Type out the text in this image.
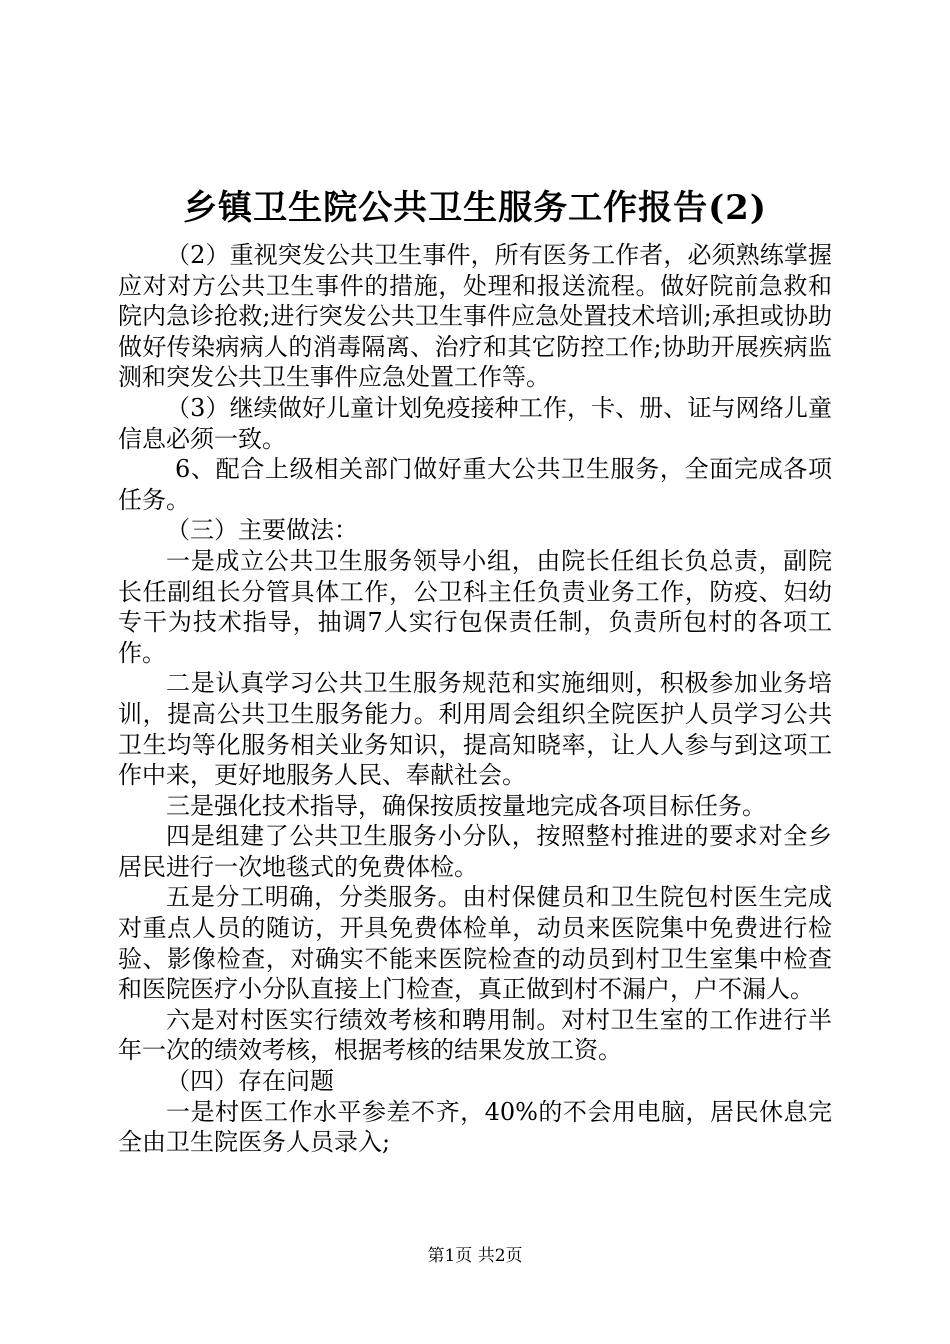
乡镇卫生院公共卫生服务工作报告(2)

（2）重视突发公共卫生事件，所有医务工作者，必须熟练掌握应对对方公共卫生事件的措施，处理和报送流程。做好院前急救和院内急诊抢救;进行突发公共卫生事件应急处置技术培训;承担或协助做好传染病病人的消毒隔离、治疗和其它防控工作;协助开展疾病监测和突发公共卫生事件应急处置工作等。

（3）继续做好儿童计划免疫接种工作，卡、册、证与网络儿童信息必须一致。

6、配合上级相关部门做好重大公共卫生服务，全面完成各项任务。

（三）主要做法：

一是成立公共卫生服务领导小组，由院长任组长负总责，副院长任副组长分管具体工作，公卫科主任负责业务工作，防疫、妇幼专干为技术指导，抽调7人实行包保责任制，负责所包村的各项工作。

二是认真学习公共卫生服务规范和实施细则，积极参加业务培训，提高公共卫生服务能力。利用周会组织全院医护人员学习公共卫生均等化服务相关业务知识，提高知晓率，让人人参与到这项工作中来，更好地服务人民、奉献社会。

三是强化技术指导，确保按质按量地完成各项目标任务。

四是组建了公共卫生服务小分队，按照整村推进的要求对全乡居民进行一次地毯式的免费体检。

五是分工明确，分类服务。由村保健员和卫生院包村医生完成对重点人员的随访，开具免费体检单，动员来医院集中免费进行检验、影像检查，对确实不能来医院检查的动员到村卫生室集中检查和医院医疗小分队直接上门检查，真正做到村不漏户，户不漏人。

六是对村医实行绩效考核和聘用制。对村卫生室的工作进行半年一次的绩效考核，根据考核的结果发放工资。

（四）存在问题

一是村医工作水平参差不齐，40%的不会用电脑，居民休息完全由卫生院医务人员录入;

第1页 共2页
